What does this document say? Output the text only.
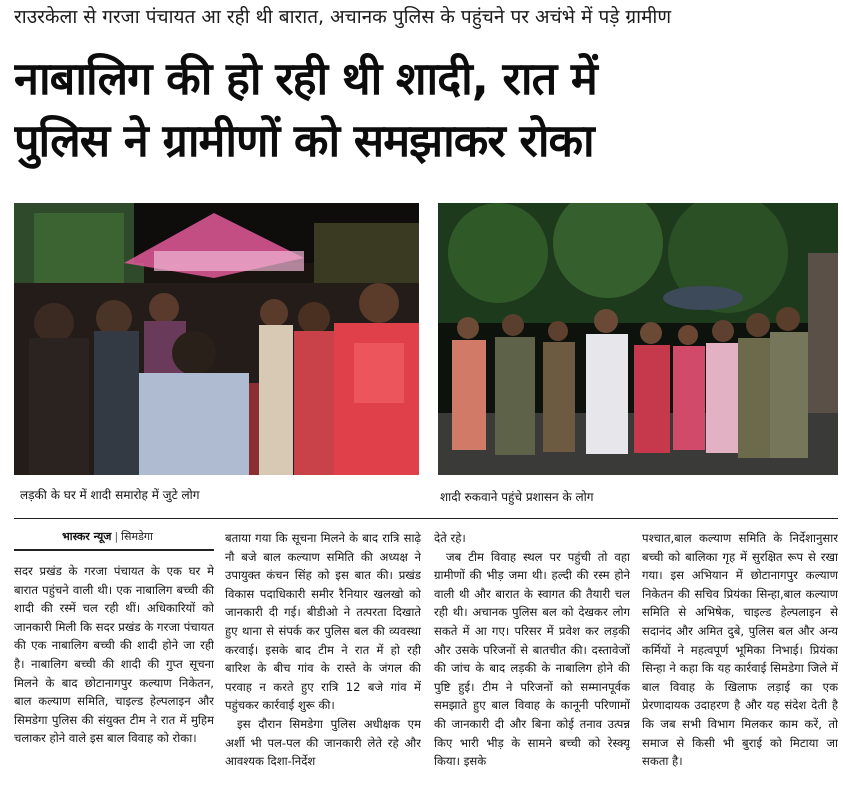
राउरकेला से गरजा पंचायत आ रही थी बारात, अचानक पुलिस के पहुंचने पर अचंभे में पड़े ग्रामीण
नाबालिग की हो रही थी शादी, रात में
पुलिस ने ग्रामीणों को समझाकर रोका
लड़की के घर में शादी समारोह में जुटे लोग	शादी रुकवाने पहुंचे प्रशासन के लोग
भास्कर न्यूज | सिमडेगा

सदर प्रखंड के गरजा पंचायत के एक घर मे बारात पहुंचने वाली थी। एक नाबालिग बच्ची की शादी की रस्में चल रही थीं। अधिकारियों को जानकारी मिली कि सदर प्रखंड के गरजा पंचायत की एक नाबालिग बच्ची की शादी होने जा रही है। नाबालिग बच्ची की शादी की गुप्त सूचना मिलने के बाद छोटानागपुर कल्याण निकेतन, बाल कल्याण समिति, चाइल्ड हेल्पलाइन और सिमडेगा पुलिस की संयुक्त टीम ने रात में मुहिम चलाकर होने वाले इस बाल विवाह को रोका।

बताया गया कि सूचना मिलने के बाद रात्रि साढ़े नौ बजे बाल कल्याण समिति की अध्यक्ष ने उपायुक्त कंचन सिंह को इस बात की। प्रखंड विकास पदाधिकारी समीर रैनियार खलखो को जानकारी दी गई। बीडीओ ने तत्परता दिखाते हुए थाना से संपर्क कर पुलिस बल की व्यवस्था करवाई। इसके बाद टीम ने रात में हो रही बारिश के बीच गांव के रास्ते के जंगल की परवाह न करते हुए रात्रि 12 बजे गांव में पहुंचकर कार्रवाई शुरू की।

इस दौरान सिमडेगा पुलिस अधीक्षक एम अर्शी भी पल-पल की जानकारी लेते रहे और आवश्यक दिशा-निर्देश

देते रहे।

जब टीम विवाह स्थल पर पहुंची तो वहा ग्रामीणों की भीड़ जमा थी। हल्दी की रस्म होने वाली थी और बारात के स्वागत की तैयारी चल रही थी। अचानक पुलिस बल को देखकर लोग सकते में आ गए। परिसर में प्रवेश कर लड़की और उसके परिजनों से बातचीत की। दस्तावेजों की जांच के बाद लड़की के नाबालिग होने की पुष्टि हुई। टीम ने परिजनों को सम्मानपूर्वक समझाते हुए बाल विवाह के कानूनी परिणामों की जानकारी दी और बिना कोई तनाव उत्पन्न किए भारी भीड़ के सामने बच्ची को रेस्क्यू किया। इसके

पश्चात,बाल कल्याण समिति के निर्देशानुसार बच्ची को बालिका गृह में सुरक्षित रूप से रखा गया। इस अभियान में छोटानागपुर कल्याण निकेतन की सचिव प्रियंका सिन्हा,बाल कल्याण समिति से अभिषेक, चाइल्ड हेल्पलाइन से सदानंद और अमित दुबे, पुलिस बल और अन्य कर्मियों ने महत्वपूर्ण भूमिका निभाई। प्रियंका सिन्हा ने कहा कि यह कार्रवाई सिमडेगा जिले में बाल विवाह के खिलाफ लड़ाई का एक प्रेरणादायक उदाहरण है और यह संदेश देती है कि जब सभी विभाग मिलकर काम करें, तो समाज से किसी भी बुराई को मिटाया जा सकता है।
